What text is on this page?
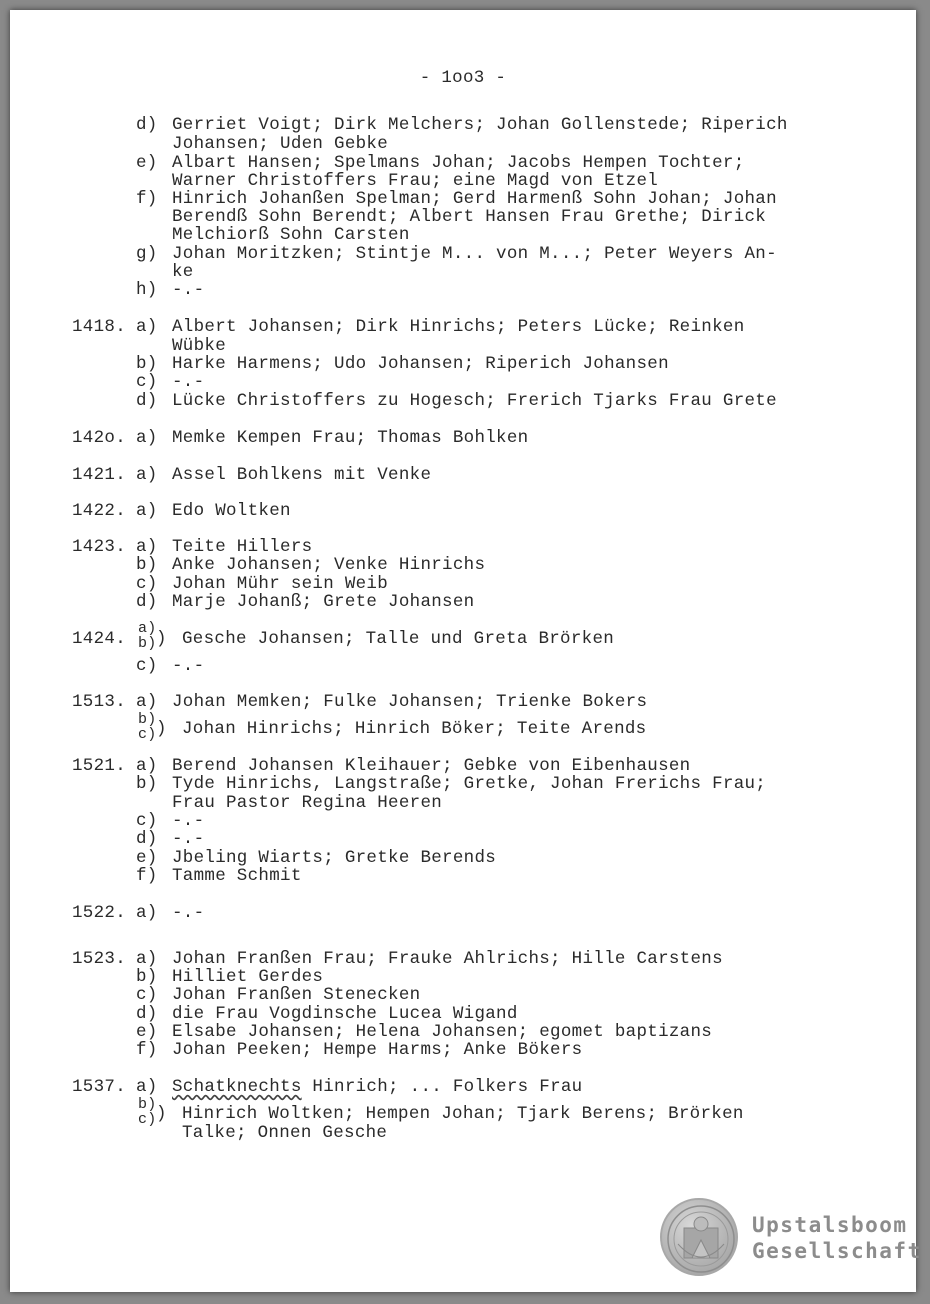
- 1oo3 -
d) Gerriet Voigt; Dirk Melchers; Johan Gollenstede; Riperich
Johansen; Uden Gebke
e) Albart Hansen; Spelmans Johan; Jacobs Hempen Tochter;
Warner Christoffers Frau; eine Magd von Etzel
f) Hinrich Johanßen Spelman; Gerd Harmenß Sohn Johan; Johan
Berendß Sohn Berendt; Albert Hansen Frau Grethe; Dirick
Melchiorß Sohn Carsten
g) Johan Moritzken; Stintje M... von M...; Peter Weyers An-
ke
h) -.-
1418. a) Albert Johansen; Dirk Hinrichs; Peters Lücke; Reinken
Wübke
b) Harke Harmens; Udo Johansen; Riperich Johansen
c) -.-
d) Lücke Christoffers zu Hogesch; Frerich Tjarks Frau Grete
142o. a) Memke Kempen Frau; Thomas Bohlken
1421. a) Assel Bohlkens mit Venke
1422. a) Edo Woltken
1423. a) Teite Hillers
b) Anke Johansen; Venke Hinrichs
c) Johan Mühr sein Weib
d) Marje Johanß; Grete Johansen
1424.
a)
b) ) Gesche Johansen; Talle und Greta Brörken
c) -.-
1513. a) Johan Memken; Fulke Johansen; Trienke Bokers
b)
c) ) Johan Hinrichs; Hinrich Böker; Teite Arends
1521. a) Berend Johansen Kleihauer; Gebke von Eibenhausen
b) Tyde Hinrichs, Langstraße; Gretke, Johan Frerichs Frau;
Frau Pastor Regina Heeren
c) -.-
d) -.-
e) Jbeling Wiarts; Gretke Berends
f) Tamme Schmit
1522. a) -.-
1523. a) Johan Franßen Frau; Frauke Ahlrichs; Hille Carstens
b) Hilliet Gerdes
c) Johan Franßen Stenecken
d) die Frau Vogdinsche Lucea Wigand
e) Elsabe Johansen; Helena Johansen; egomet baptizans
f) Johan Peeken; Hempe Harms; Anke Bökers
1537. a) Schatknechts Hinrich; ... Folkers Frau
b)
c) ) Hinrich Woltken; Hempen Johan; Tjark Berens; Brörken
Talke; Onnen Gesche
Upstalsboom
Gesellschaft
